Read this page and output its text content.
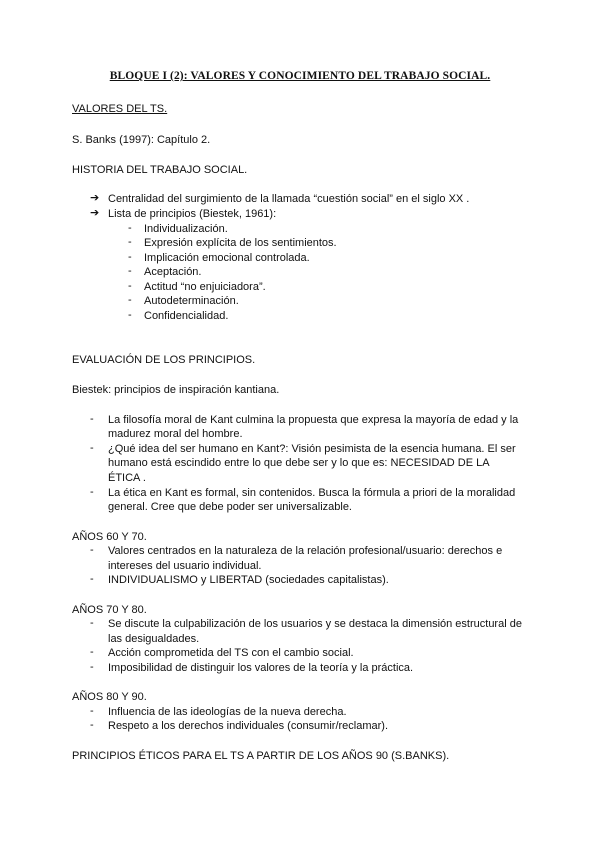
BLOQUE I (2): VALORES Y CONOCIMIENTO DEL TRABAJO SOCIAL.
VALORES DEL TS.
S. Banks (1997): Capítulo 2.
HISTORIA DEL TRABAJO SOCIAL.
➔ Centralidad del surgimiento de la llamada “cuestión social” en el siglo XX .
➔ Lista de principios (Biestek, 1961):
- Individualización.
- Expresión explícita de los sentimientos.
- Implicación emocional controlada.
- Aceptación.
- Actitud “no enjuiciadora”.
- Autodeterminación.
- Confidencialidad.
EVALUACIÓN DE LOS PRINCIPIOS.
Biestek: principios de inspiración kantiana.
- La filosofía moral de Kant culmina la propuesta que expresa la mayoría de edad y la
madurez moral del hombre.
- ¿Qué idea del ser humano en Kant?: Visión pesimista de la esencia humana. El ser
humano está escindido entre lo que debe ser y lo que es: NECESIDAD DE LA
ÉTICA .
- La ética en Kant es formal, sin contenidos. Busca la fórmula a priori de la moralidad
general. Cree que debe poder ser universalizable.
AÑOS 60 Y 70.
- Valores centrados en la naturaleza de la relación profesional/usuario: derechos e
intereses del usuario individual.
- INDIVIDUALISMO y LIBERTAD (sociedades capitalistas).
AÑOS 70 Y 80.
- Se discute la culpabilización de los usuarios y se destaca la dimensión estructural de
las desigualdades.
- Acción comprometida del TS con el cambio social.
- Imposibilidad de distinguir los valores de la teoría y la práctica.
AÑOS 80 Y 90.
- Influencia de las ideologías de la nueva derecha.
- Respeto a los derechos individuales (consumir/reclamar).
PRINCIPIOS ÉTICOS PARA EL TS A PARTIR DE LOS AÑOS 90 (S.BANKS).
